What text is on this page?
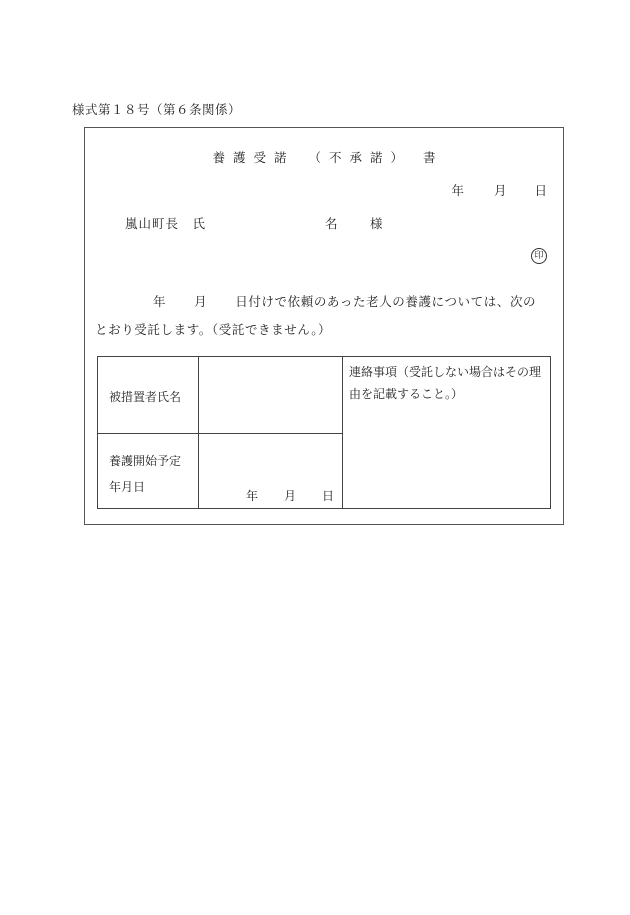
様式第１８号（第６条関係）
養護受諾 （不承諾） 書
年 月 日
嵐山町長　氏	名　様
印
年 月 日付けで依頼のあった老人の養護については、次の
とおり受託します。（受託できません。）
被措置者氏名		連絡事項（受託しない場合はその理由を記載すること。）

養護開始予定
年月日	年 月 日	
